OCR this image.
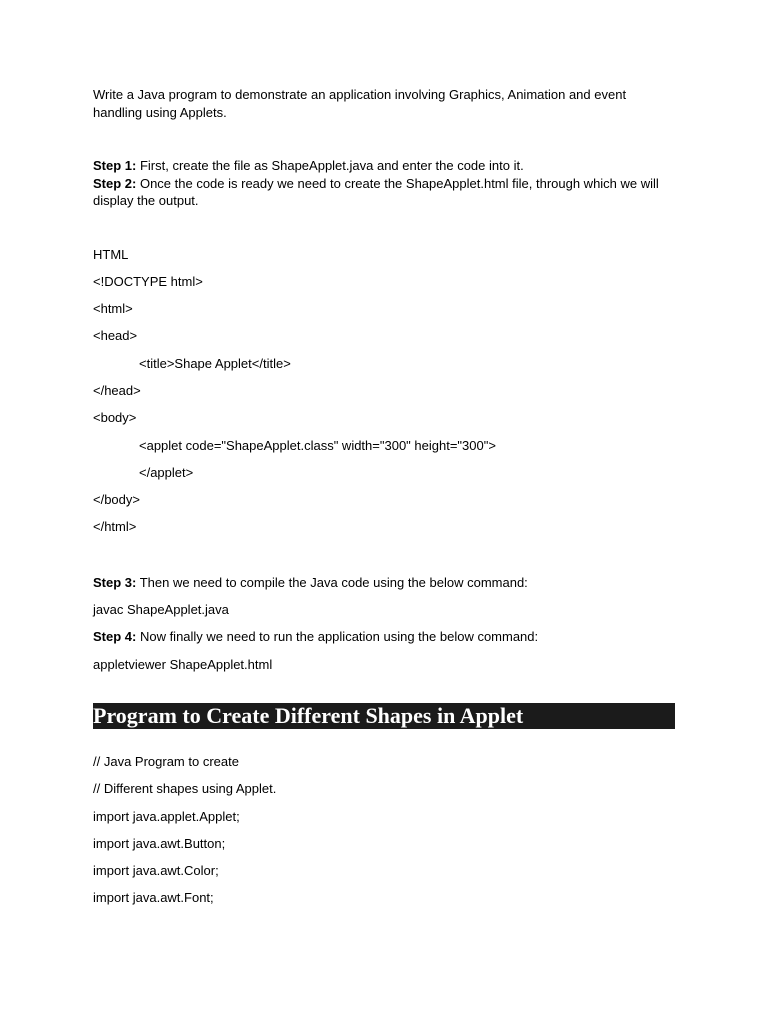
Write a Java program to demonstrate an application involving Graphics, Animation and event handling using Applets.

Step 1: First, create the file as ShapeApplet.java and enter the code into it.

Step 2: Once the code is ready we need to create the ShapeApplet.html file, through which we will display the output.

HTML
<!DOCTYPE html>
<html>
<head>
<title>Shape Applet</title>
</head>
<body>
<applet code="ShapeApplet.class" width="300" height="300">
</applet>
</body>
</html>
Step 3: Then we need to compile the Java code using the below command:
javac ShapeApplet.java
Step 4: Now finally we need to run the application using the below command:
appletviewer ShapeApplet.html
Program to Create Different Shapes in Applet
// Java Program to create
// Different shapes using Applet.
import java.applet.Applet;
import java.awt.Button;
import java.awt.Color;
import java.awt.Font;
